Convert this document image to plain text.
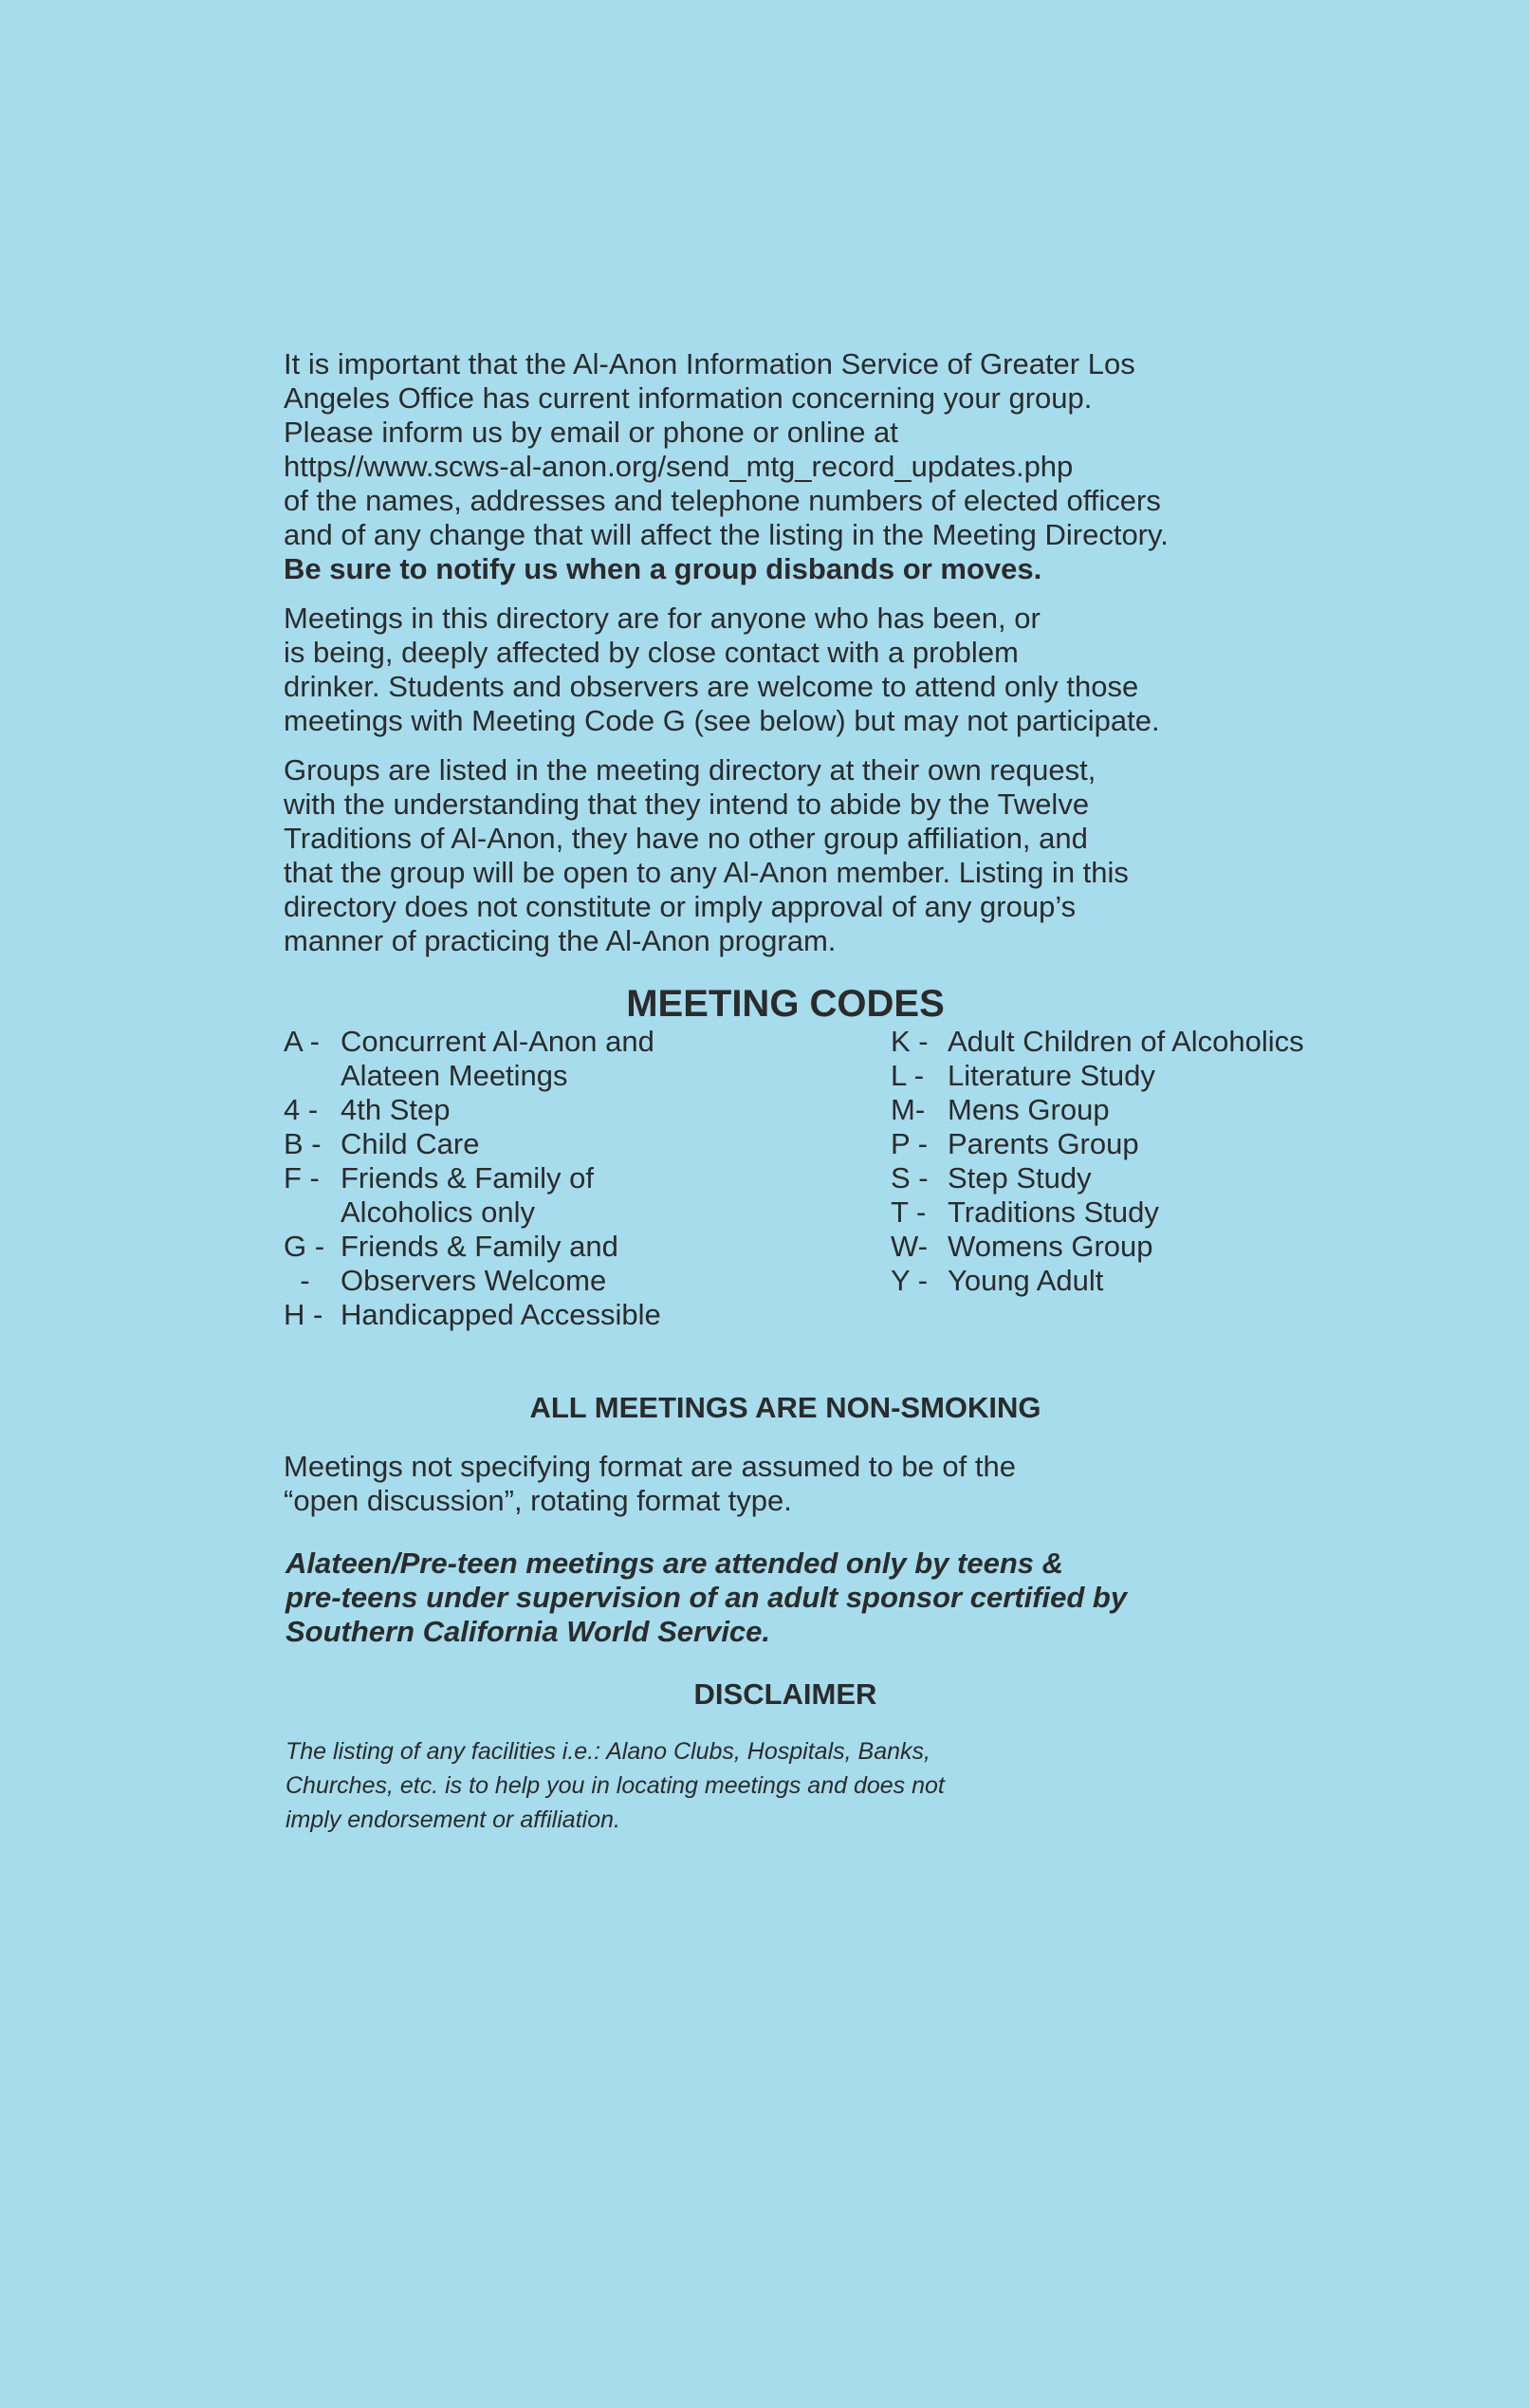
It is important that the Al-Anon Information Service of Greater Los
Angeles Office has current information concerning your group.
Please inform us by email or phone or online at
https//www.scws-al-anon.org/send_mtg_record_updates.php
of the names, addresses and telephone numbers of elected officers
and of any change that will affect the listing in the Meeting Directory.
Be sure to notify us when a group disbands or moves.

Meetings in this directory are for anyone who has been, or
is being, deeply affected by close contact with a problem
drinker. Students and observers are welcome to attend only those
meetings with Meeting Code G (see below) but may not participate.

Groups are listed in the meeting directory at their own request,
with the understanding that they intend to abide by the Twelve
Traditions of Al-Anon, they have no other group affiliation, and
that the group will be open to any Al-Anon member. Listing in this
directory does not constitute or imply approval of any group’s
manner of practicing the Al-Anon program.

MEETING CODES
A - Concurrent Al-Anon and
Alateen Meetings
4 - 4th Step
B - Child Care
F - Friends & Family of
Alcoholics only
G - Friends & Family and
-	Observers Welcome
H - Handicapped Accessible
K - Adult Children of Alcoholics
L - Literature Study
M- Mens Group
P - Parents Group
S - Step Study
T - Traditions Study
W- Womens Group
Y - Young Adult

ALL MEETINGS ARE NON-SMOKING

Meetings not specifying format are assumed to be of the
“open discussion”, rotating format type.

Alateen/Pre-teen meetings are attended only by teens &
pre-teens under supervision of an adult sponsor certified by
Southern California World Service.

DISCLAIMER

The listing of any facilities i.e.: Alano Clubs, Hospitals, Banks,
Churches, etc. is to help you in locating meetings and does not
imply endorsement or affiliation.
